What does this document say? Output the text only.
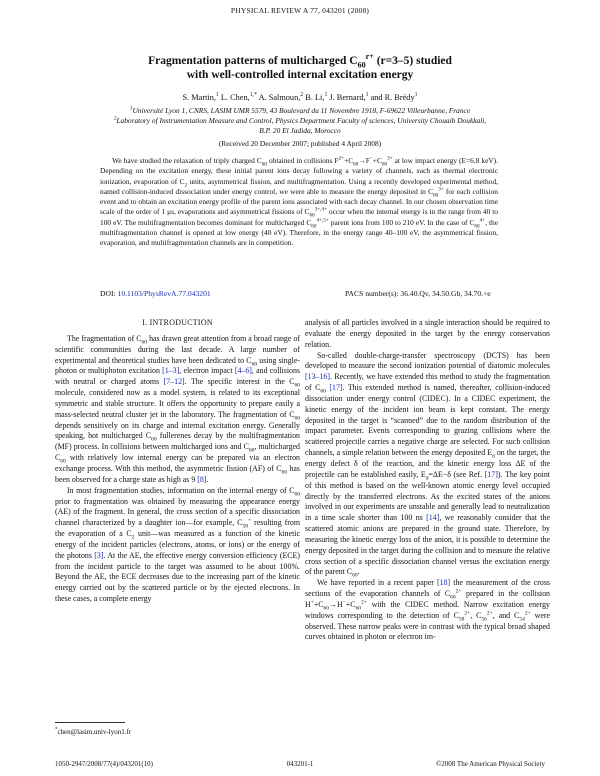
PHYSICAL REVIEW A 77, 043201 (2008)
Fragmentation patterns of multicharged $C_{60}^{r+}$ (r=3–5) studied
with well-controlled internal excitation energy
S. Martin,$^1$ L. Chen,$^{1,*}$ A. Salmoun,$^2$ B. Li,$^1$ J. Bernard,$^1$ and R. Brédy$^1$
$^1$Université Lyon 1, CNRS, LASIM UMR 5579, 43 Boulevard du 11 Novembre 1918, F-69622 Villeurbanne, France
$^2$Laboratory of Instrumentation Measure and Control, Physics Department Faculty of sciences, University Chouaib Doukkali,
B.P. 20 El Jadida, Morocco
(Received 20 December 2007; published 4 April 2008)
We have studied the relaxation of triply charged $C_{60}$ obtained in collisions $F^{2+}+C_{60}\to F^-+C_{60}^{3+}$ at low impact energy (E=6.8 keV). Depending on the excitation energy, these initial parent ions decay following a variety of channels, such as thermal electronic ionization, evaporation of $C_2$ units, asymmetrical fission, and multifragmentation. Using a recently developed experimental method, named collision-induced dissociation under energy control, we were able to measure the energy deposited in $C_{60}^{3+}$ for each collision event and to obtain an excitation energy profile of the parent ions associated with each decay channel. In our chosen observation time scale of the order of 1 μs, evaporations and asymmetrical fissions of $C_{60}^{3+,4+}$ occur when the internal energy is in the range from 40 to 100 eV. The multifragmentation becomes dominant for multicharged $C_{60}^{4+,5+}$ parent ions from 100 to 210 eV. In the case of $C_{60}^{4+}$, the multifragmentation channel is opened at low energy (40 eV). Therefore, in the energy range 40–100 eV, the asymmetrical fission, evaporation, and multifragmentation channels are in competition.
DOI: 10.1103/PhysRevA.77.043201	PACS number(s): 36.40.Qv, 34.50.Gb, 34.70.+e
I. INTRODUCTION

The fragmentation of $C_{60}$ has drawn great attention from a broad range of scientific communities during the last decade. A large number of experimental and theoretical studies have been dedicated to $C_{60}$ using single-photon or multiphoton excitation [1–3], electron impact [4–6], and collisions with neutral or charged atoms [7–12]. The specific interest in the $C_{60}$ molecule, considered now as a model system, is related to its exceptional symmetric and stable structure. It offers the opportunity to prepare easily a mass-selected neutral cluster jet in the laboratory. The fragmentation of $C_{60}$ depends sensitively on its charge and internal excitation energy. Generally speaking, hot multicharged $C_{60}$ fullerenes decay by the multifragmentation (MF) process. In collisions between multicharged ions and $C_{60}$, multicharged $C_{60}$ with relatively low internal energy can be prepared via an electron exchange process. With this method, the asymmetric fission (AF) of $C_{60}$ has been observed for a charge state as high as 9 [8].

In most fragmentation studies, information on the internal energy of $C_{60}$ prior to fragmentation was obtained by measuring the appearance energy (AE) of the fragment. In general, the cross section of a specific dissociation channel characterized by a daughter ion—for example, $C_{58}^+$ resulting from the evaporation of a $C_2$ unit—was measured as a function of the kinetic energy of the incident particles (electrons, atoms, or ions) or the energy of the photons [3]. At the AE, the effective energy conversion efficiency (ECE) from the incident particle to the target was assumed to be about 100%. Beyond the AE, the ECE decreases due to the increasing part of the kinetic energy carried out by the scattered particle or by the ejected electrons. In these cases, a complete energy

analysis of all particles involved in a single interaction should be required to evaluate the energy deposited in the target by the energy conservation relation.

So-called double-charge-transfer spectroscopy (DCTS) has been developed to measure the second ionization potential of diatomic molecules [13–16]. Recently, we have extended this method to study the fragmentation of $C_{60}$ [17]. This extended method is named, thereafter, collision-induced dissociation under energy control (CIDEC). In a CIDEC experiment, the kinetic energy of the incident ion beam is kept constant. The energy deposited in the target is “scanned” due to the random distribution of the impact parameter. Events corresponding to grazing collisions where the scattered projectile carries a negative charge are selected. For such collision channels, a simple relation between the energy deposited $E_d$ on the target, the energy defect δ of the reaction, and the kinetic energy loss ΔE of the projectile can be established easily, $E_d=\Delta E-\delta$ (see Ref. [17]). The key point of this method is based on the well-known atomic energy level occupied directly by the transferred electrons. As the excited states of the anions involved in our experiments are unstable and generally lead to neutralization in a time scale shorter than 100 ns [14], we reasonably consider that the scattered atomic anions are prepared in the ground state. Therefore, by measuring the kinetic energy loss of the anion, it is possible to determine the energy deposited in the target during the collision and to measure the relative cross section of a specific dissociation channel versus the excitation energy of the parent $C_{60}$.

We have reported in a recent paper [18] the measurement of the cross sections of the evaporation channels of $C_{60}^{2+}$ prepared in the collision $H^++C_{60}\to H^-+C_{60}^{2+}$ with the CIDEC method. Narrow excitation energy windows corresponding to the detection of $C_{58}^{2+}$, $C_{56}^{2+}$, and $C_{54}^{2+}$ were observed. These narrow peaks were in contrast with the typical broad shaped curves obtained in photon or electron im-

*chen@lasim.univ-lyon1.fr
1050-2947/2008/77(4)/043201(10)	043201-1	©2008 The American Physical Society
